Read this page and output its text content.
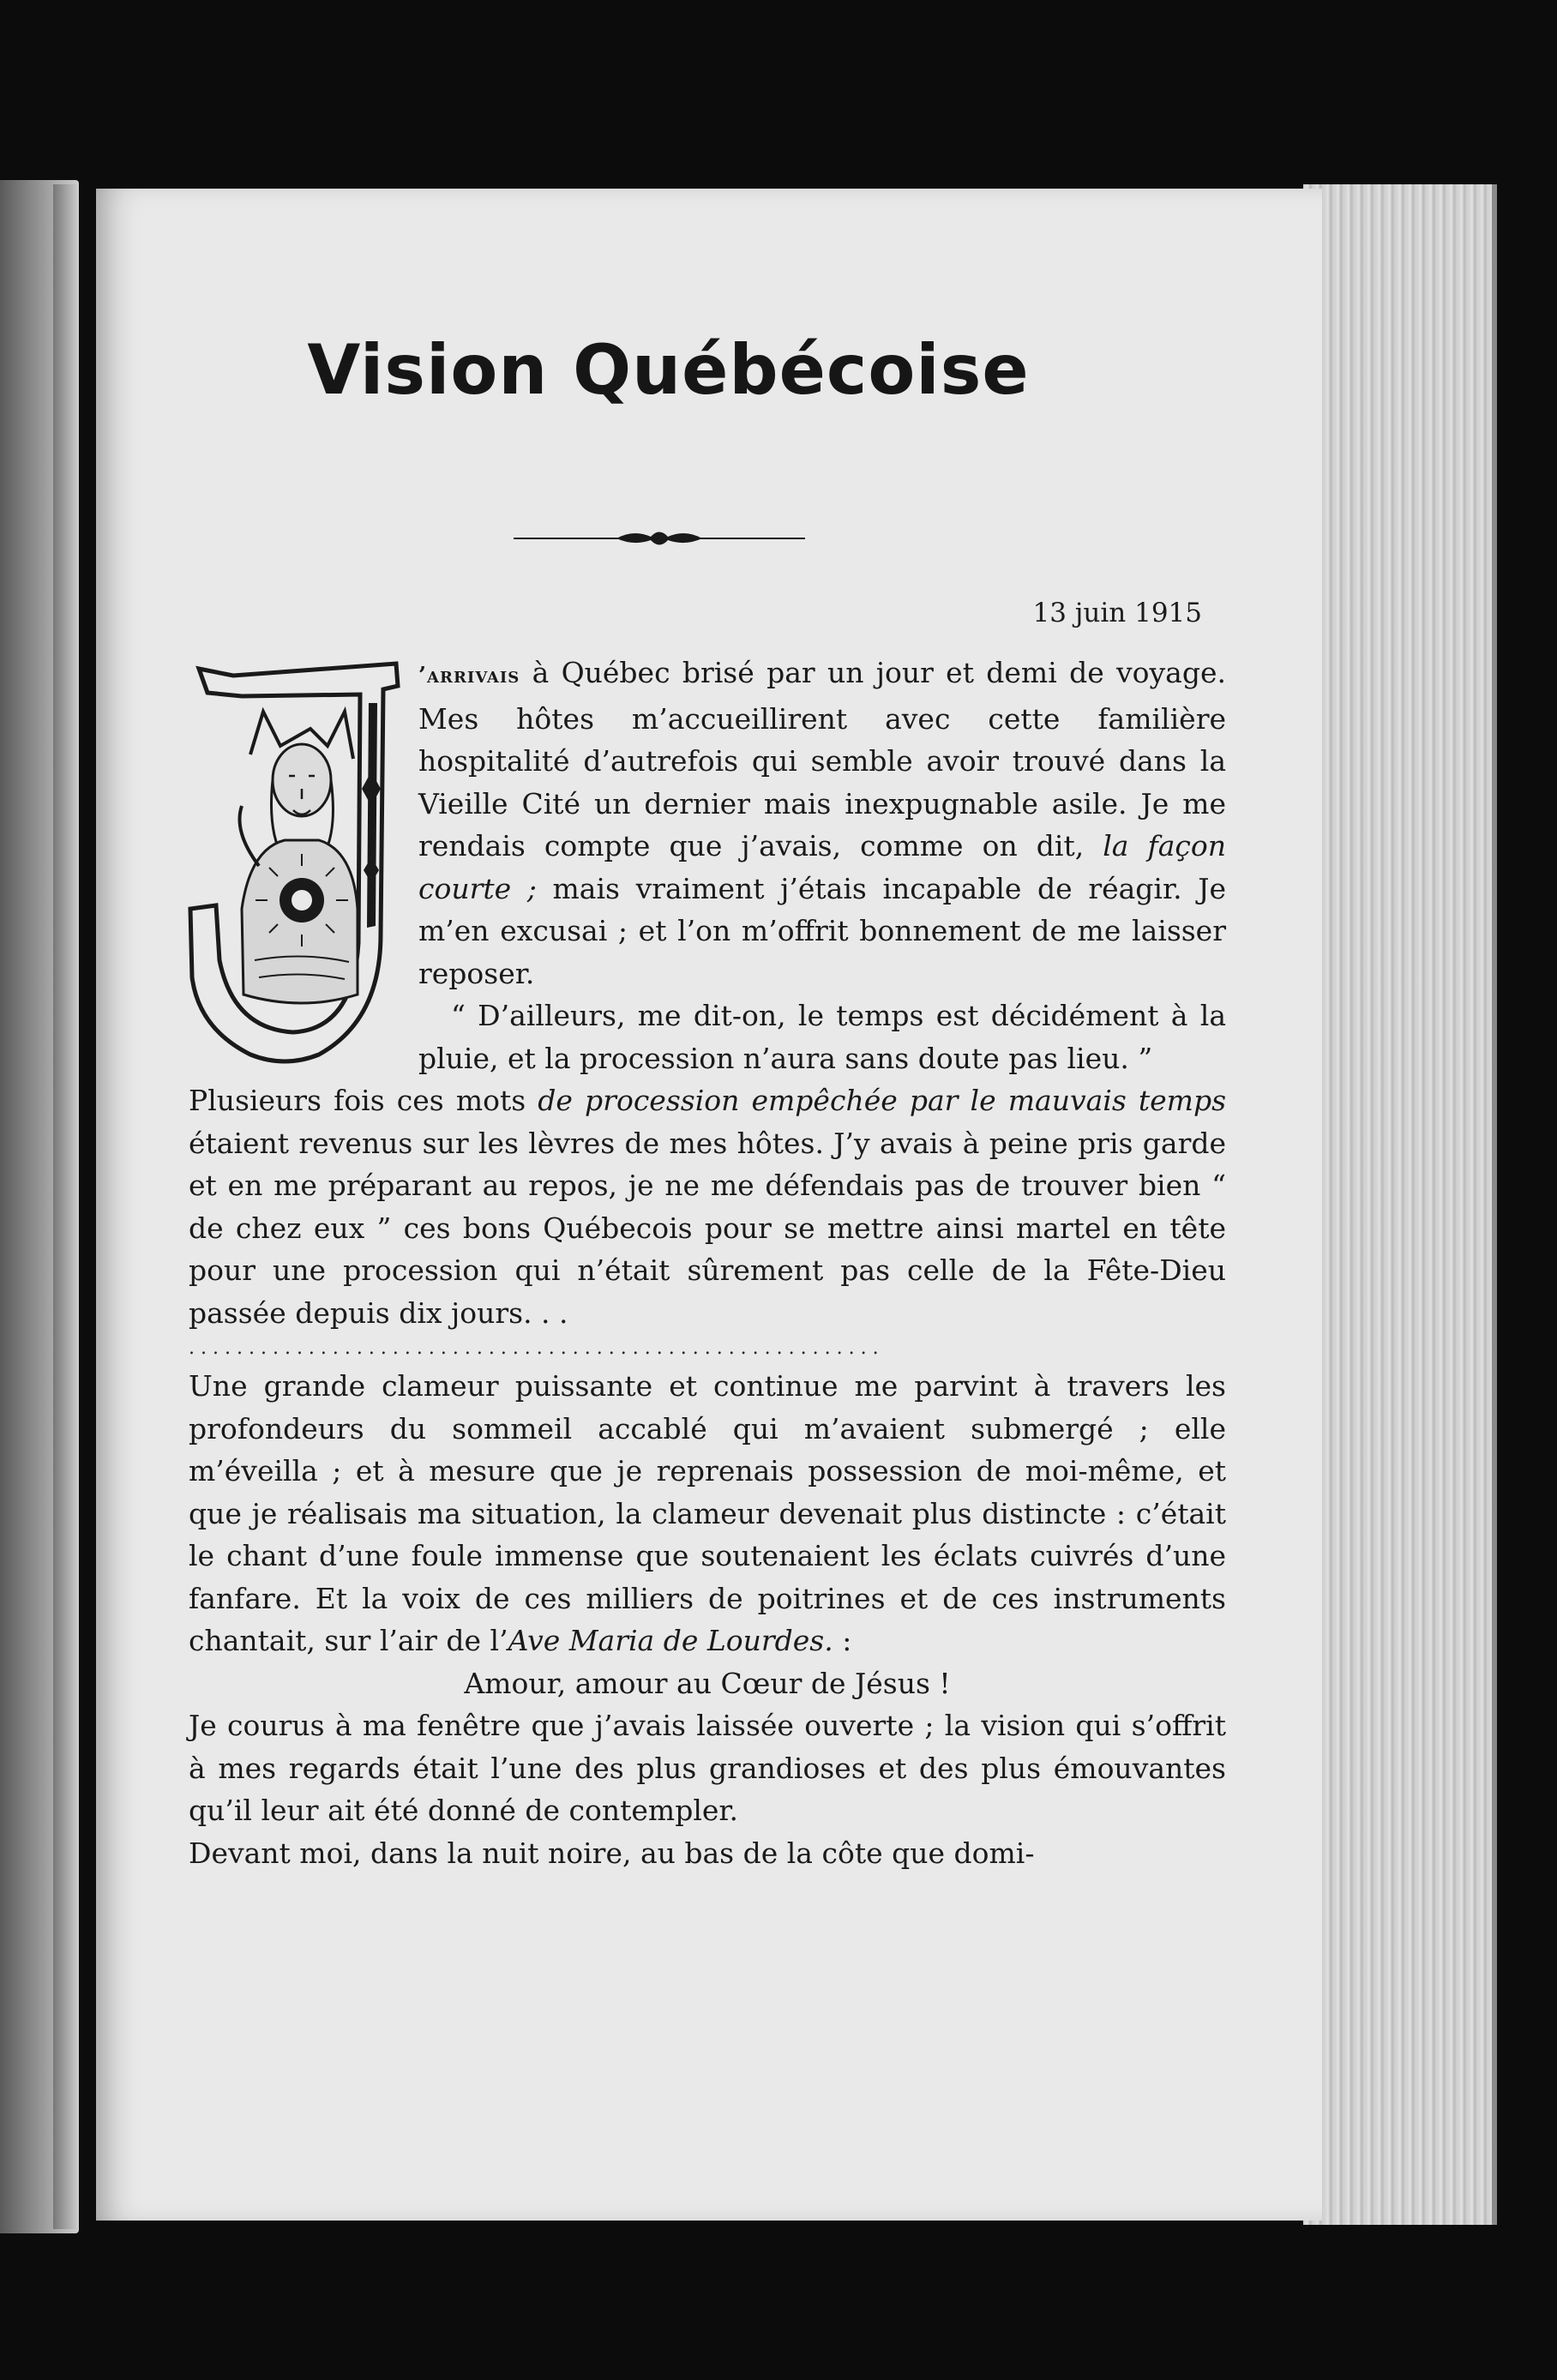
Vision Québécoise
13 juin 1915

’arrivais à Québec brisé par un jour et demi de voyage. Mes hôtes m’accueillirent avec cette familière hospitalité d’autrefois qui semble avoir trouvé dans la Vieille Cité un dernier mais inexpugnable asile. Je me rendais compte que j’avais, comme on dit, la façon courte ; mais vraiment j’étais incapable de réagir. Je m’en excusai ; et l’on m’offrit bonnement de me laisser reposer.

“ D’ailleurs, me dit-on, le temps est décidément à la pluie, et la procession n’aura sans doute pas lieu. ”

Plusieurs fois ces mots de procession empêchée par le mauvais temps étaient revenus sur les lèvres de mes hôtes. J’y avais à peine pris garde et en me préparant au repos, je ne me défendais pas de trouver bien “ de chez eux ” ces bons Québecois pour se mettre ainsi martel en tête pour une procession qui n’était sûrement pas celle de la Fête-Dieu passée depuis dix jours. . .

..........................................................

Une grande clameur puissante et continue me parvint à travers les profondeurs du sommeil accablé qui m’avaient submergé ; elle m’éveilla ; et à mesure que je reprenais possession de moi-même, et que je réalisais ma situation, la clameur devenait plus distincte : c’était le chant d’une foule immense que soutenaient les éclats cuivrés d’une fanfare. Et la voix de ces milliers de poitrines et de ces instruments chantait, sur l’air de l’Ave Maria de Lourdes. :

Amour, amour au Cœur de Jésus !

Je courus à ma fenêtre que j’avais laissée ouverte ; la vision qui s’offrit à mes regards était l’une des plus grandioses et des plus émouvantes qu’il leur ait été donné de contempler.

Devant moi, dans la nuit noire, au bas de la côte que domi-
